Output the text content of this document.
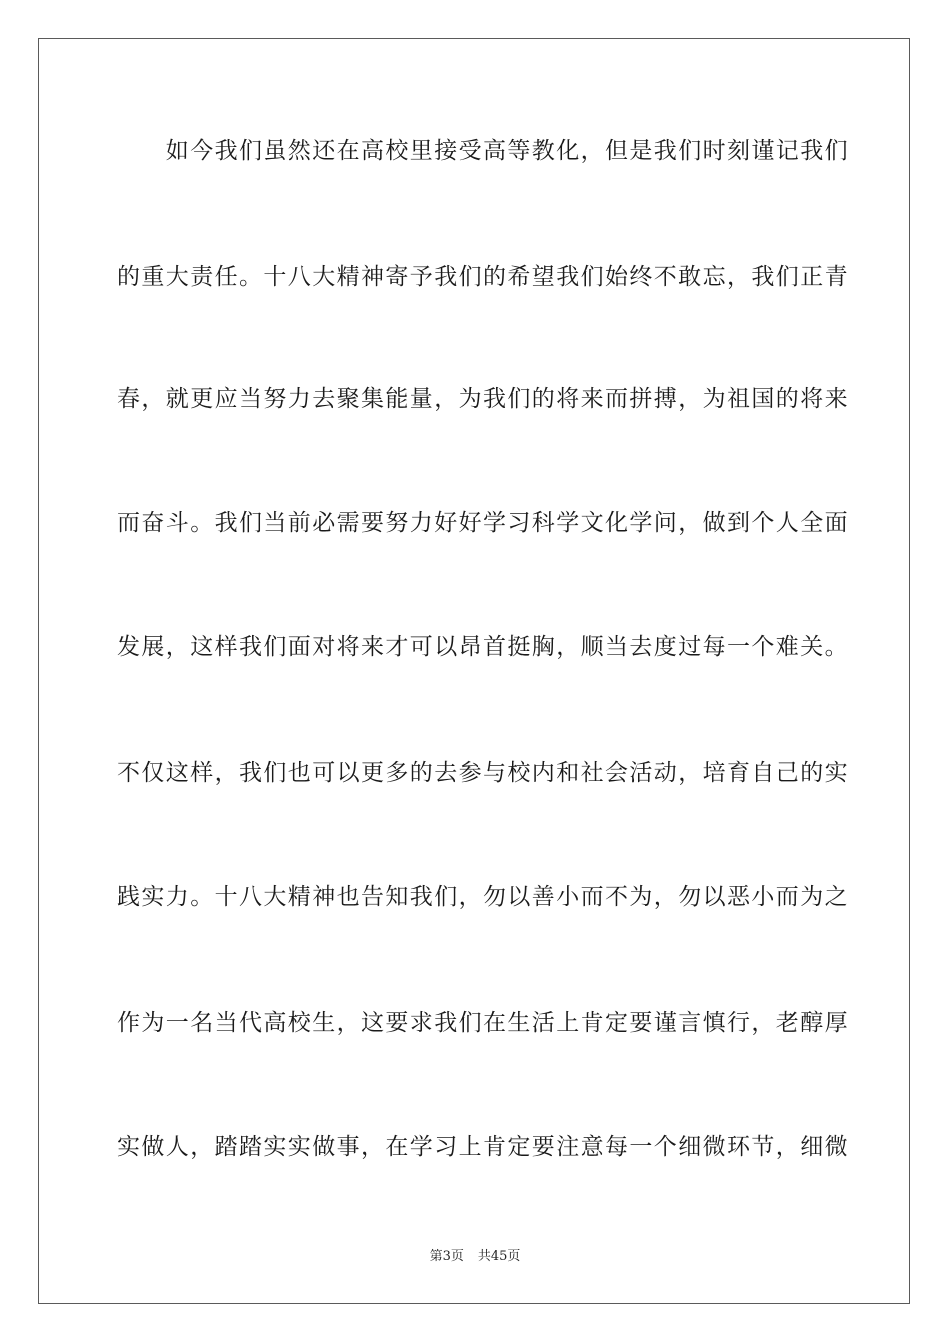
　　如今我们虽然还在高校里接受高等教化，但是我们时刻谨记我们
的重大责任。十八大精神寄予我们的希望我们始终不敢忘，我们正青
春，就更应当努力去聚集能量，为我们的将来而拼搏，为祖国的将来
而奋斗。我们当前必需要努力好好学习科学文化学问，做到个人全面
发展，这样我们面对将来才可以昂首挺胸，顺当去度过每一个难关。
不仅这样，我们也可以更多的去参与校内和社会活动，培育自己的实
践实力。十八大精神也告知我们，勿以善小而不为，勿以恶小而为之
作为一名当代高校生，这要求我们在生活上肯定要谨言慎行，老醇厚
实做人，踏踏实实做事，在学习上肯定要注意每一个细微环节，细微
第3页 共45页
